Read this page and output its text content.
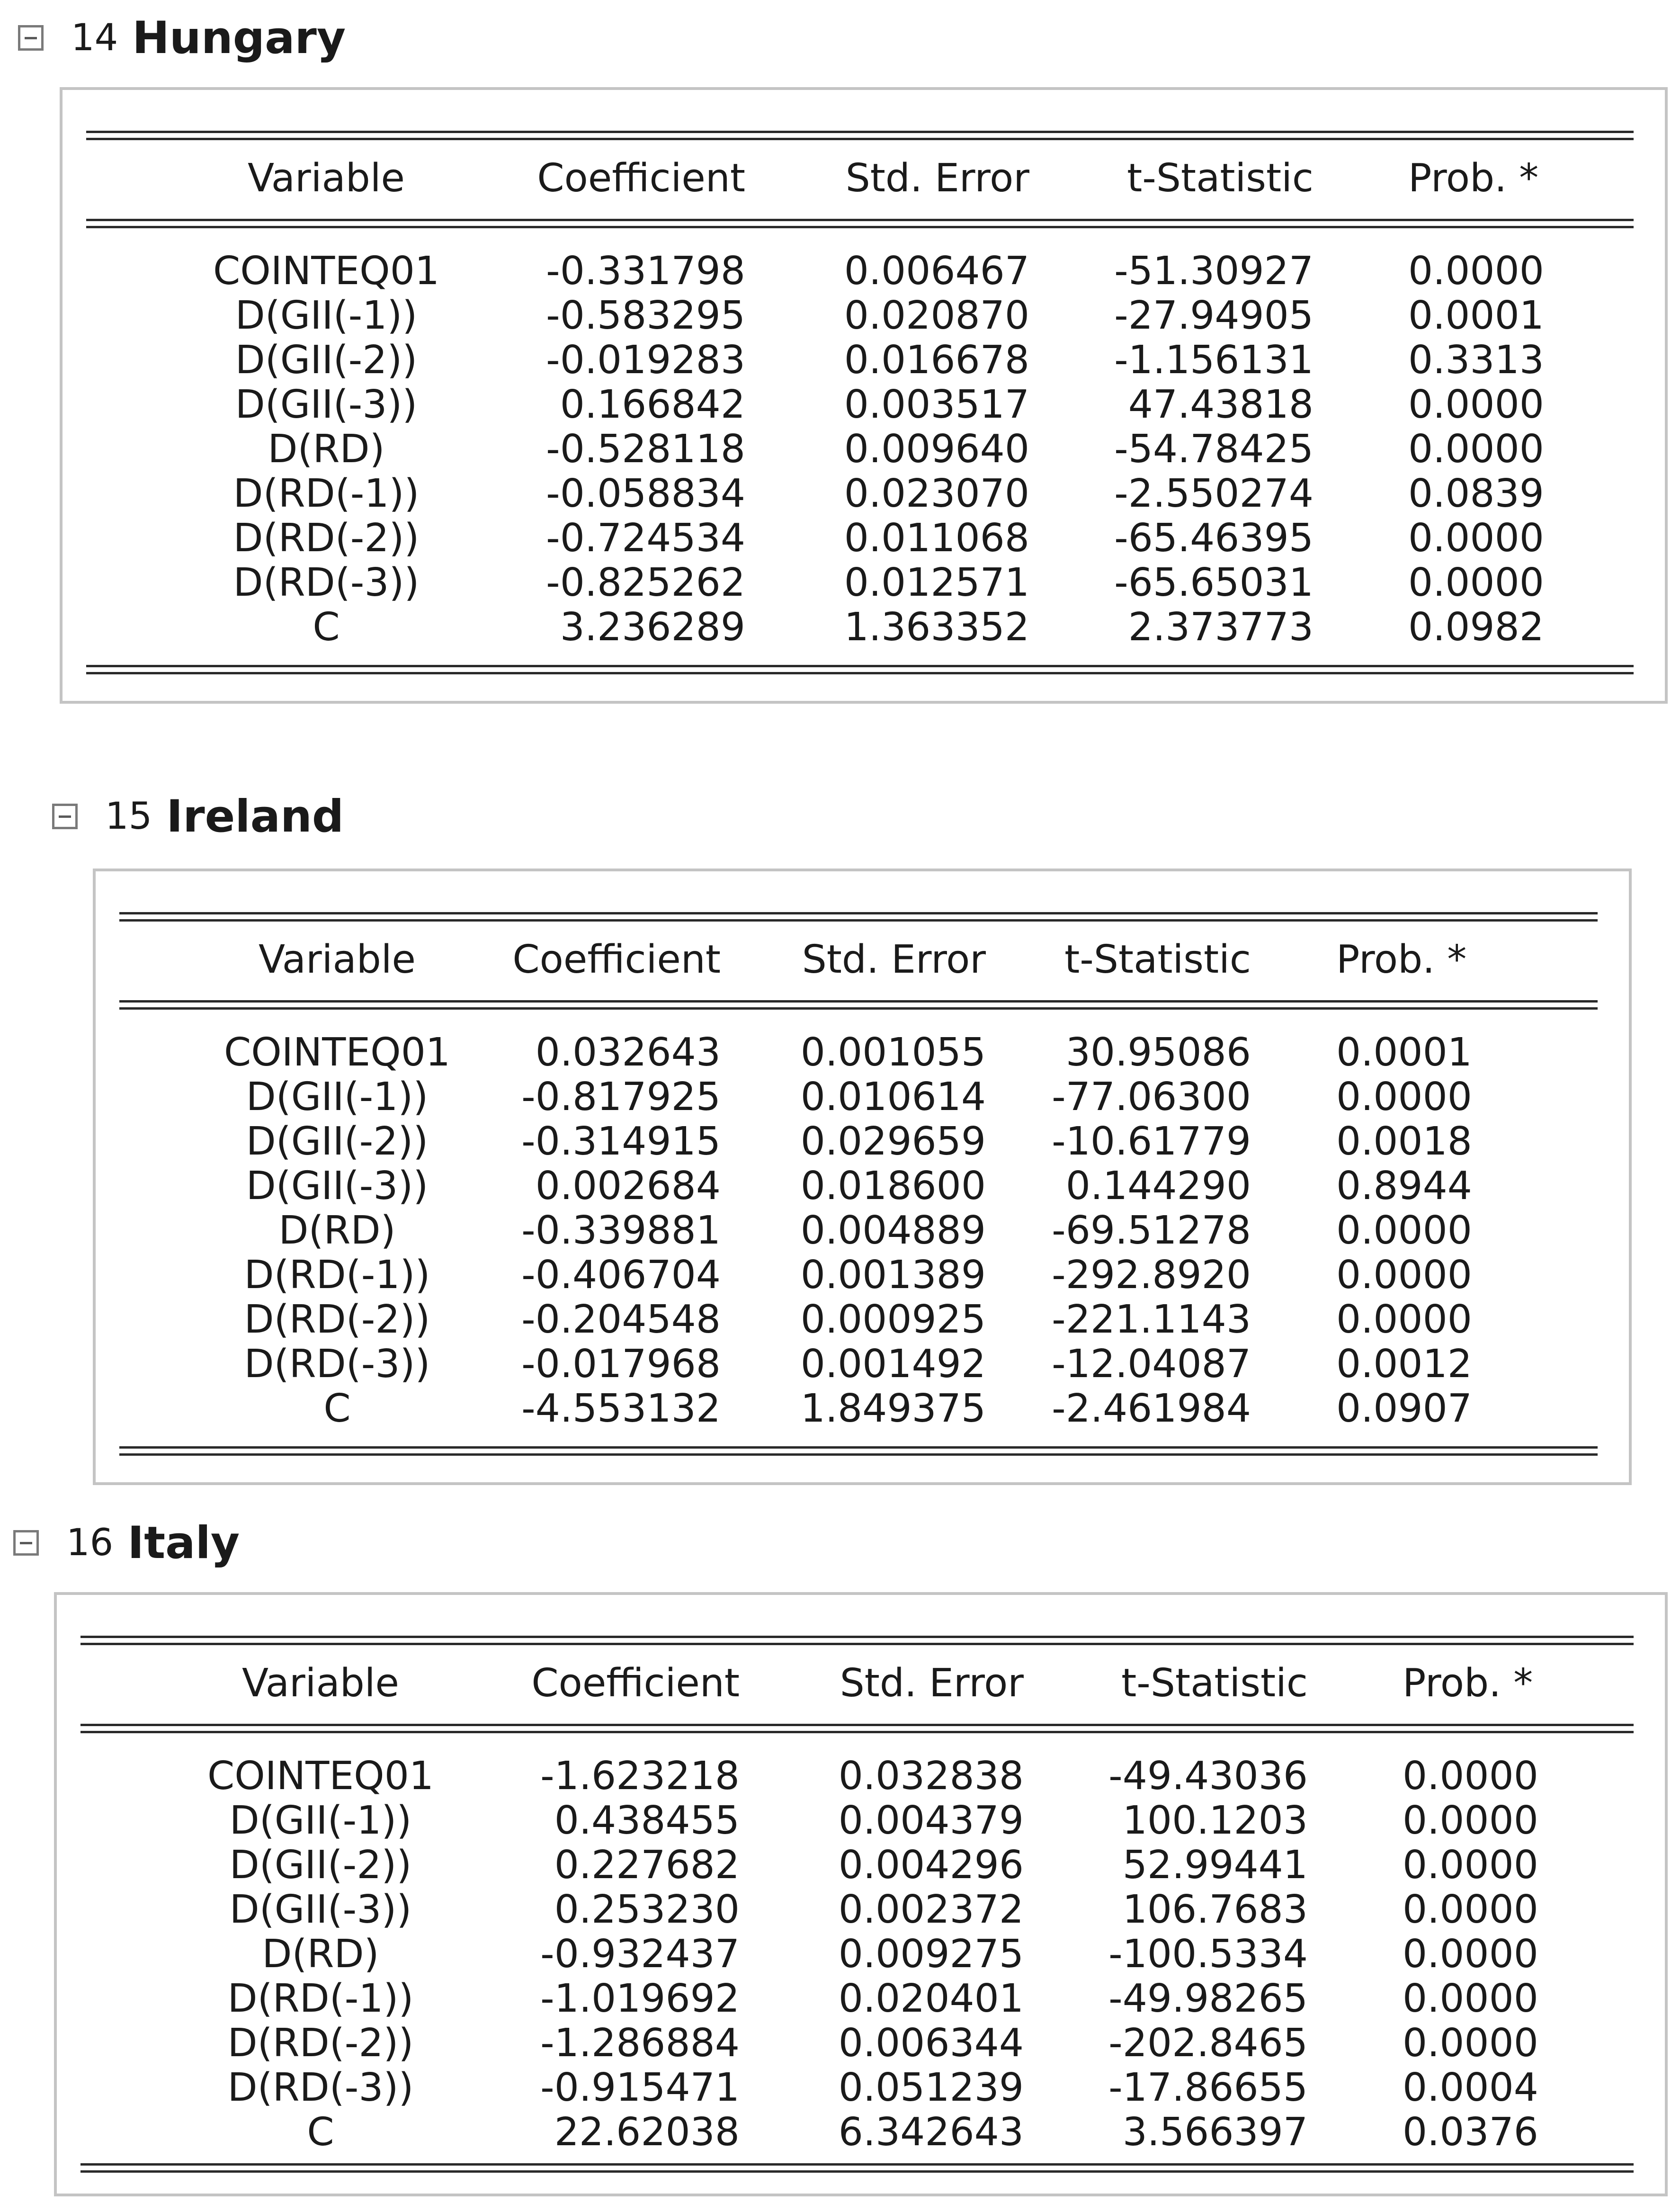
14 Hungary
Variable	Coefficient	Std. Error	t-Statistic	Prob. *
COINTEQ01	-0.331798	0.006467	-51.30927	0.0000
D(GII(-1))	-0.583295	0.020870	-27.94905	0.0001
D(GII(-2))	-0.019283	0.016678	-1.156131	0.3313
D(GII(-3))	0.166842	0.003517	47.43818	0.0000
D(RD)	-0.528118	0.009640	-54.78425	0.0000
D(RD(-1))	-0.058834	0.023070	-2.550274	0.0839
D(RD(-2))	-0.724534	0.011068	-65.46395	0.0000
D(RD(-3))	-0.825262	0.012571	-65.65031	0.0000
C	3.236289	1.363352	2.373773	0.0982
15 Ireland
Variable	Coefficient	Std. Error	t-Statistic	Prob. *
COINTEQ01	0.032643	0.001055	30.95086	0.0001
D(GII(-1))	-0.817925	0.010614	-77.06300	0.0000
D(GII(-2))	-0.314915	0.029659	-10.61779	0.0018
D(GII(-3))	0.002684	0.018600	0.144290	0.8944
D(RD)	-0.339881	0.004889	-69.51278	0.0000
D(RD(-1))	-0.406704	0.001389	-292.8920	0.0000
D(RD(-2))	-0.204548	0.000925	-221.1143	0.0000
D(RD(-3))	-0.017968	0.001492	-12.04087	0.0012
C	-4.553132	1.849375	-2.461984	0.0907
16 Italy
Variable	Coefficient	Std. Error	t-Statistic	Prob. *
COINTEQ01	-1.623218	0.032838	-49.43036	0.0000
D(GII(-1))	0.438455	0.004379	100.1203	0.0000
D(GII(-2))	0.227682	0.004296	52.99441	0.0000
D(GII(-3))	0.253230	0.002372	106.7683	0.0000
D(RD)	-0.932437	0.009275	-100.5334	0.0000
D(RD(-1))	-1.019692	0.020401	-49.98265	0.0000
D(RD(-2))	-1.286884	0.006344	-202.8465	0.0000
D(RD(-3))	-0.915471	0.051239	-17.86655	0.0004
C	22.62038	6.342643	3.566397	0.0376
